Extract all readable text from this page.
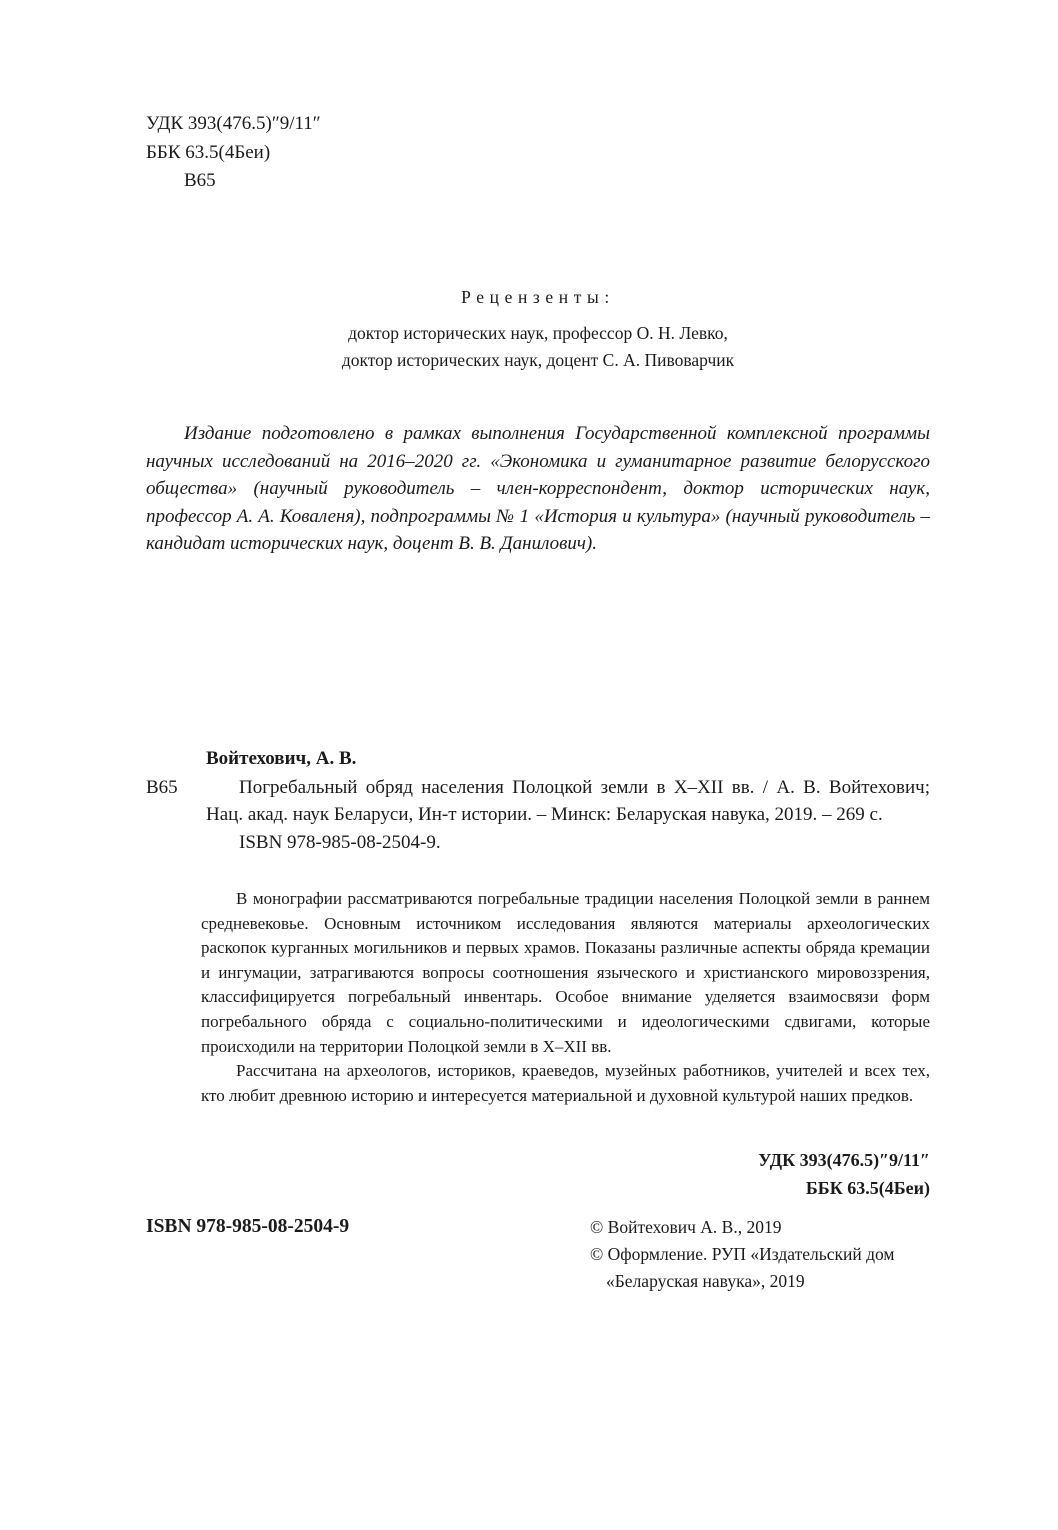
УДК 393(476.5)″9/11″
ББК 63.5(4Беи)
В65
Рецензенты:
доктор исторических наук, профессор О. Н. Левко,
доктор исторических наук, доцент С. А. Пивоварчик
Издание подготовлено в рамках выполнения Государственной комплексной программы научных исследований на 2016–2020 гг. «Экономика и гуманитарное развитие белорусского общества» (научный руководитель – член-корреспондент, доктор исторических наук, профессор А. А. Коваленя), подпрограммы № 1 «История и культура» (научный руководитель – кандидат исторических наук, доцент В. В. Данилович).

Войтехович, А. В.

В65	Погребальный обряд населения Полоцкой земли в X–XII вв. / А. В. Войтехович; Нац. акад. наук Беларуси, Ин-т истории. – Минск: Беларуская навука, 2019. – 269 с.

ISBN 978-985-08-2504-9.

В монографии рассматриваются погребальные традиции населения Полоцкой земли в раннем средневековье. Основным источником исследования являются материалы археологических раскопок курганных могильников и первых храмов. Показаны различные аспекты обряда кремации и ингумации, затрагиваются вопросы соотношения языческого и христианского мировоззрения, классифицируется погребальный инвентарь. Особое внимание уделяется взаимосвязи форм погребального обряда с социально-политическими и идеологическими сдвигами, которые происходили на территории Полоцкой земли в X–XII вв.

Рассчитана на археологов, историков, краеведов, музейных работников, учителей и всех тех, кто любит древнюю историю и интересуется материальной и духовной культурой наших предков.

УДК 393(476.5)″9/11″
ББК 63.5(4Беи)
ISBN 978-985-08-2504-9	© Войтехович А. В., 2019
© Оформление. РУП «Издательский дом
«Беларуская навука», 2019
